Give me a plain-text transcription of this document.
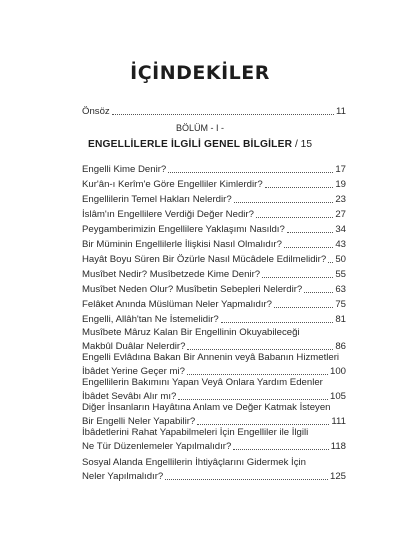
İÇİNDEKİLER
Önsöz	11
BÖLÜM - I -
ENGELLİLERLE İLGİLİ GENEL BİLGİLER / 15
Engelli Kime Denir?	17
Kur'ân-ı Kerîm'e Göre Engelliler Kimlerdir?	19
Engellilerin Temel Hakları Nelerdir?	23
İslâm'ın Engellilere Verdiği Değer Nedir?	27
Peygamberimizin Engellilere Yaklaşımı Nasıldı?	34
Bir Müminin Engellilerle İlişkisi Nasıl Olmalıdır?	43
Hayât Boyu Süren Bir Özürle Nasıl Mücâdele Edilmelidir? 50
Musîbet Nedir? Musîbetzede Kime Denir?	55
Musîbet Neden Olur? Musîbetin Sebepleri Nelerdir?	63
Felâket Anında Müslüman Neler Yapmalıdır?	75
Engelli, Allâh'tan Ne İstemelidir?	81
Musîbete Mâruz Kalan Bir Engellinin Okuyabileceği
Makbûl Duâlar Nelerdir?	86
Engelli Evlâdına Bakan Bir Annenin veyâ Babanın Hizmetleri
İbâdet Yerine Geçer mi?	100
Engellilerin Bakımını Yapan Veyâ Onlara Yardım Edenler
İbâdet Sevâbı Alır mı?	105
Diğer İnsanların Hayâtına Anlam ve Değer Katmak İsteyen
Bir Engelli Neler Yapabilir?	111
İbâdetlerini Rahat Yapabilmeleri İçin Engelliler ile İlgili
Ne Tür Düzenlemeler Yapılmalıdır?	118
Sosyal Alanda Engellilerin İhtiyâçlarını Gidermek İçin
Neler Yapılmalıdır?	125
